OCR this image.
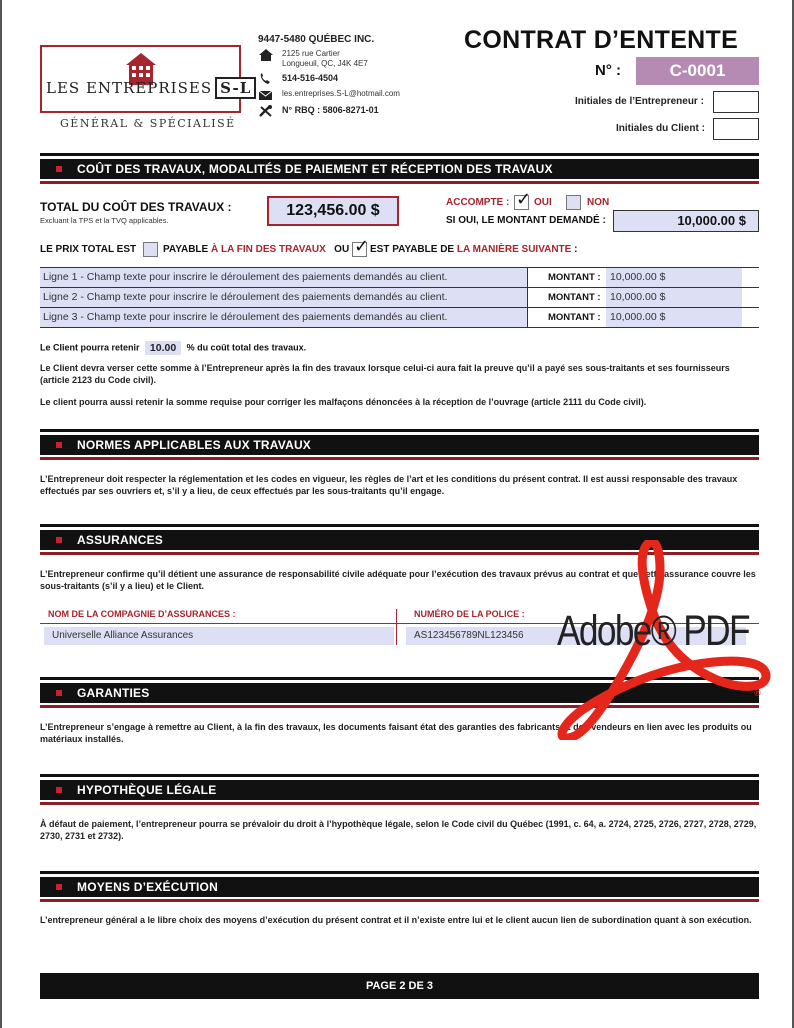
LES ENTREPRISES S-L
GÉNÉRAL & SPÉCIALISÉ
9447-5480 QUÉBEC INC.
2125 rue Cartier
Longueuil, QC, J4K 4E7
514-516-4504
les.entreprises.S-L@hotmail.com
N° RBQ : 5806-8271-01
CONTRAT D’ENTENTE
N° :	C-0001
Initiales de l’Entrepreneur :
Initiales du Client :
COÛT DES TRAVAUX, MODALITÉS DE PAIEMENT ET RÉCEPTION DES TRAVAUX
TOTAL DU COÛT DES TRAVAUX :
Excluant la TPS et la TVQ applicables.
123,456.00 $	ACCOMPTE : ✓ OUI	NON
SI OUI, LE MONTANT DEMANDÉ :	10,000.00 $
LE PRIX TOTAL EST	PAYABLE À LA FIN DES TRAVAUX OU ✓ EST PAYABLE DE LA MANIÈRE SUIVANTE :
Ligne 1 - Champ texte pour inscrire le déroulement des paiements demandés au client.	MONTANT : 10,000.00 $
Ligne 2 - Champ texte pour inscrire le déroulement des paiements demandés au client.	MONTANT : 10,000.00 $
Ligne 3 - Champ texte pour inscrire le déroulement des paiements demandés au client.	MONTANT : 10,000.00 $
Le Client pourra retenir 10.00 % du coût total des travaux.
Le Client devra verser cette somme à l’Entrepreneur après la fin des travaux lorsque celui-ci aura fait la preuve qu’il a payé ses sous-traitants et ses fournisseurs (article 2123 du Code civil).
Le client pourra aussi retenir la somme requise pour corriger les malfaçons dénoncées à la réception de l’ouvrage (article 2111 du Code civil).
NORMES APPLICABLES AUX TRAVAUX
L’Entrepreneur doit respecter la réglementation et les codes en vigueur, les règles de l’art et les conditions du présent contrat. Il est aussi responsable des travaux effectués par ses ouvriers et, s’il y a lieu, de ceux effectués par les sous-traitants qu’il engage.
ASSURANCES
L’Entrepreneur confirme qu’il détient une assurance de responsabilité civile adéquate pour l’exécution des travaux prévus au contrat et que cette assurance couvre les sous-traitants (s’il y a lieu) et le Client.
NOM DE LA COMPAGNIE D’ASSURANCES :	NUMÉRO DE LA POLICE :
Universelle Alliance Assurances	AS123456789NL123456
GARANTIES
L’Entrepreneur s’engage à remettre au Client, à la fin des travaux, les documents faisant état des garanties des fabricants et des vendeurs en lien avec les produits ou matériaux installés.
HYPOTHÈQUE LÉGALE
À défaut de paiement, l’entrepreneur pourra se prévaloir du droit à l’hypothèque légale, selon le Code civil du Québec (1991, c. 64, a. 2724, 2725, 2726, 2727, 2728, 2729, 2730, 2731 et 2732).
MOYENS D’EXÉCUTION
L’entrepreneur général a le libre choix des moyens d’exécution du présent contrat et il n’existe entre lui et le client aucun lien de subordination quant à son exécution.
Adobe® PDF
®
PAGE 2 DE 3
